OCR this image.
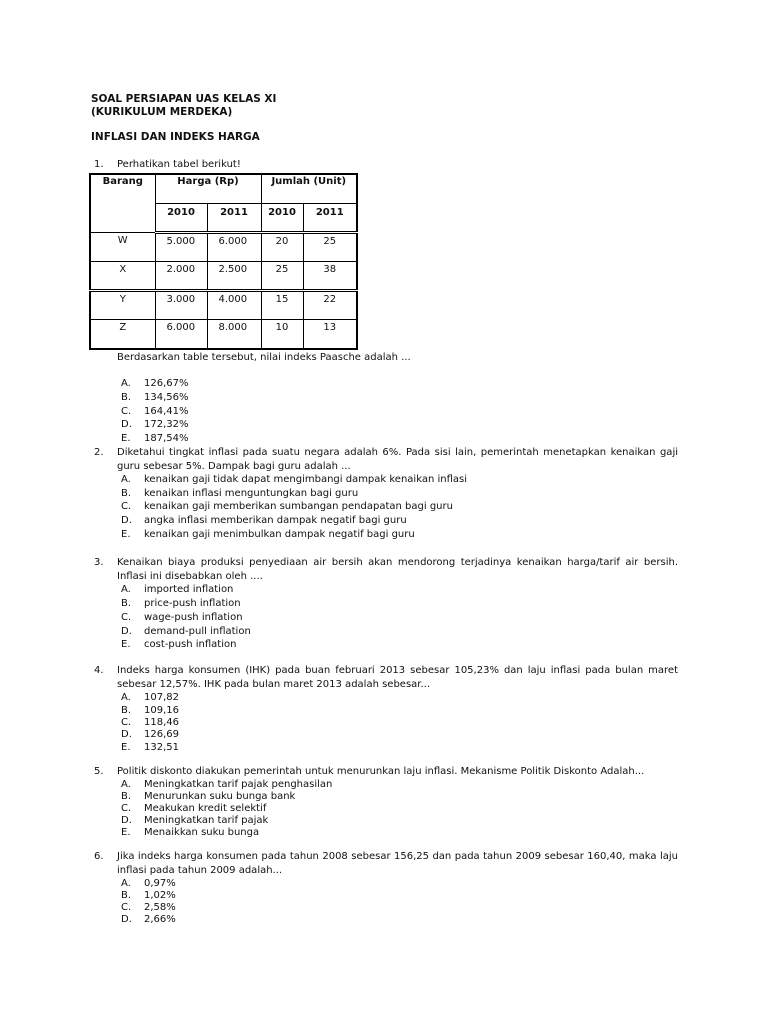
SOAL PERSIAPAN UAS KELAS XI
(KURIKULUM MERDEKA)
INFLASI DAN INDEKS HARGA
1.	Perhatikan tabel berikut!
Barang	Harga (Rp)		Jumlah (Unit)	
	2010	2011	2010	2011
W	5.000	6.000	20	25
X	2.000	2.500	25	38
Y	3.000	4.000	15	22
Z	6.000	8.000	10	13
Berdasarkan table tersebut, nilai indeks Paasche adalah ...
A. 126,67%
B. 134,56%
C. 164,41%
D. 172,32%
E. 187,54%
2.	Diketahui tingkat inflasi pada suatu negara adalah 6%. Pada sisi lain, pemerintah menetapkan kenaikan gaji guru sebesar 5%. Dampak bagi guru adalah ...
A. kenaikan gaji tidak dapat mengimbangi dampak kenaikan inflasi
B. kenaikan inflasi menguntungkan bagi guru
C. kenaikan gaji memberikan sumbangan pendapatan bagi guru
D. angka inflasi memberikan dampak negatif bagi guru
E. kenaikan gaji menimbulkan dampak negatif bagi guru
3.	Kenaikan biaya produksi penyediaan air bersih akan mendorong terjadinya kenaikan harga/tarif air bersih. Inflasi ini disebabkan oleh ....
A. imported inflation
B. price-push inflation
C. wage-push inflation
D. demand-pull inflation
E. cost-push inflation
4.	Indeks harga konsumen (IHK) pada buan februari 2013 sebesar 105,23% dan laju inflasi pada bulan maret sebesar 12,57%. IHK pada bulan maret 2013 adalah sebesar...
A. 107,82
B. 109,16
C. 118,46
D. 126,69
E. 132,51
5.	Politik diskonto diakukan pemerintah untuk menurunkan laju inflasi. Mekanisme Politik Diskonto Adalah...
A. Meningkatkan tarif pajak penghasilan
B. Menurunkan suku bunga bank
C. Meakukan kredit selektif
D. Meningkatkan tarif pajak
E. Menaikkan suku bunga
6.	Jika indeks harga konsumen pada tahun 2008 sebesar 156,25 dan pada tahun 2009 sebesar 160,40, maka laju inflasi pada tahun 2009 adalah...
A. 0,97%
B. 1,02%
C. 2,58%
D. 2,66%
